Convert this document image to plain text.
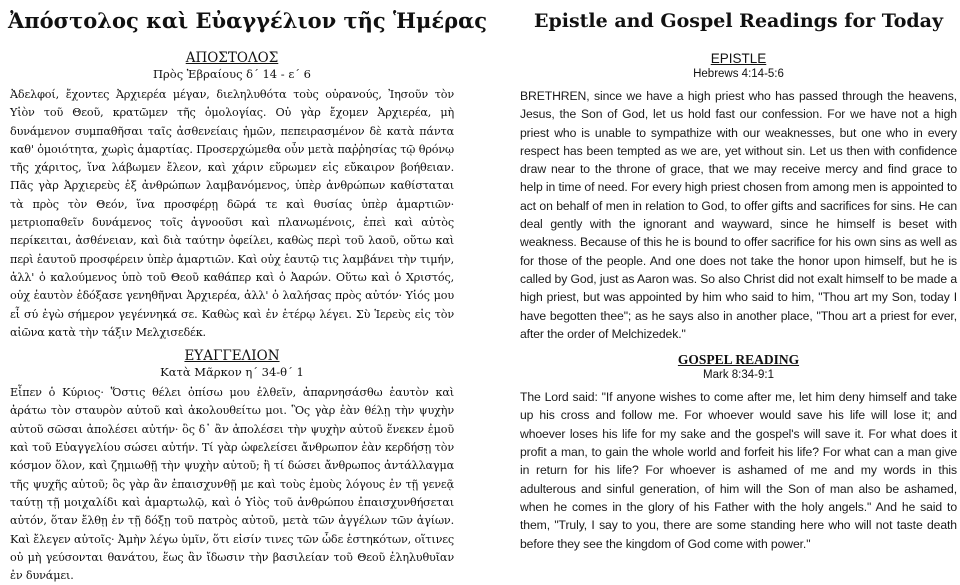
Ἀπόστολος καὶ Εὐαγγέλιον τῆς Ἡμέρας
ΑΠΟΣΤΟΛΟΣ
Πρὸς Ἑβραίους δ΄ 14 - ε΄ 6

Ἀδελφοί, ἔχοντες Ἀρχιερέα μέγαν, διεληλυθότα τοὺς οὐρανούς, Ἰησοῦν τὸν Υἱὸν τοῦ Θεοῦ, κρατῶμεν τῆς ὁμολογίας. Οὐ γὰρ ἔχομεν Ἀρχιερέα, μὴ δυνάμενον συμπαθῆσαι ταῖς ἀσθενείαις ἡμῶν, πεπειρασμένον δὲ κατὰ πάντα καθ' ὁμοιότητα, χωρὶς ἁμαρτίας. Προσερχώμεθα οὖν μετὰ παῤῥησίας τῷ θρόνῳ τῆς χάριτος, ἵνα λάβωμεν ἔλεον, καὶ χάριν εὕρωμεν εἰς εὔκαιρον βοήθειαν. Πᾶς γὰρ Ἀρχιερεὺς ἐξ ἀνθρώπων λαμβανόμενος, ὑπὲρ ἀνθρώπων καθίσταται τὰ πρὸς τὸν Θεόν, ἵνα προσφέρῃ δῶρά τε καὶ θυσίας ὑπὲρ ἁμαρτιῶν· μετριοπαθεῖν δυνάμενος τοῖς ἀγνοοῦσι καὶ πλανωμένοις, ἐπεὶ καὶ αὐτὸς περίκειται, ἀσθένειαν, καὶ διὰ ταύτην ὀφείλει, καθὼς περὶ τοῦ λαοῦ, οὕτω καὶ περὶ ἑαυτοῦ προσφέρειν ὑπὲρ ἁμαρτιῶν. Καὶ οὐχ ἑαυτῷ τις λαμβάνει τὴν τιμήν, ἀλλ' ὁ καλούμενος ὑπὸ τοῦ Θεοῦ καθάπερ καὶ ὁ Ἀαρών. Οὕτω καὶ ὁ Χριστός, οὐχ ἑαυτὸν ἐδόξασε γενηθῆναι Ἀρχιερέα, ἀλλ' ὁ λαλήσας πρὸς αὐτόν· Υἱός μου εἶ σύ ἐγὼ σήμερον γεγέννηκά σε. Καθὼς καὶ ἐν ἑτέρῳ λέγει. Σὺ Ἱερεὺς εἰς τὸν αἰῶνα κατὰ τὴν τάξιν Μελχισεδέκ.

ΕΥΑΓΓΕΛΙΟΝ
Κατὰ Μᾶρκον η΄ 34-θ΄ 1

Εἶπεν ὁ Κύριος· Ὅστις θέλει ὀπίσω μου ἐλθεῖν, ἀπαρνησάσθω ἑαυτὸν καὶ ἀράτω τὸν σταυρὸν αὐτοῦ καὶ ἀκολουθείτω μοι. Ὃς γὰρ ἐὰν θέλῃ τὴν ψυχὴν αὐτοῦ σῶσαι ἀπολέσει αὐτήν· ὃς δ᾿ ἂν ἀπολέσει τὴν ψυχὴν αὐτοῦ ἕνεκεν ἐμοῦ καὶ τοῦ Εὐαγγελίου σώσει αὐτήν. Τί γὰρ ὠφελείσει ἄνθρωπον ἐὰν κερδήσῃ τὸν κόσμον ὅλον, καὶ ζημιωθῇ τὴν ψυχὴν αὐτοῦ; ἢ τί δώσει ἄνθρωπος ἀντάλλαγμα τῆς ψυχῆς αὐτοῦ; ὃς γὰρ ἂν ἐπαισχυνθῇ με καὶ τοὺς ἐμοὺς λόγους ἐν τῇ γενεᾷ ταύτῃ τῇ μοιχαλίδι καὶ ἁμαρτωλῷ, καὶ ὁ Υἱὸς τοῦ ἀνθρώπου ἐπαισχυνθήσεται αὐτόν, ὅταν ἔλθῃ ἐν τῇ δόξῃ τοῦ πατρὸς αὐτοῦ, μετὰ τῶν ἀγγέλων τῶν ἁγίων. Καὶ ἔλεγεν αὐτοῖς· Ἀμὴν λέγω ὑμῖν, ὅτι εἰσίν τινες τῶν ὧδε ἑστηκότων, οἵτινες οὐ μὴ γεύσονται θανάτου, ἕως ἂν ἴδωσιν τὴν βασιλείαν τοῦ Θεοῦ ἐληλυθυῖαν ἐν δυνάμει.

Epistle and Gospel Readings for Today
EPISTLE
Hebrews 4:14-5:6

BRETHREN, since we have a high priest who has passed through the heavens, Jesus, the Son of God, let us hold fast our confession. For we have not a high priest who is unable to sympathize with our weaknesses, but one who in every respect has been tempted as we are, yet without sin. Let us then with confidence draw near to the throne of grace, that we may receive mercy and find grace to help in time of need. For every high priest chosen from among men is appointed to act on behalf of men in relation to God, to offer gifts and sacrifices for sins. He can deal gently with the ignorant and wayward, since he himself is beset with weakness. Because of this he is bound to offer sacrifice for his own sins as well as for those of the people. And one does not take the honor upon himself, but he is called by God, just as Aaron was. So also Christ did not exalt himself to be made a high priest, but was appointed by him who said to him, "Thou art my Son, today I have begotten thee"; as he says also in another place, "Thou art a priest for ever, after the order of Melchizedek."

GOSPEL READING
Mark 8:34-9:1

The Lord said: "If anyone wishes to come after me, let him deny himself and take up his cross and follow me. For whoever would save his life will lose it; and whoever loses his life for my sake and the gospel's will save it. For what does it profit a man, to gain the whole world and forfeit his life? For what can a man give in return for his life? For whoever is ashamed of me and my words in this adulterous and sinful generation, of him will the Son of man also be ashamed, when he comes in the glory of his Father with the holy angels." And he said to them, "Truly, I say to you, there are some standing here who will not taste death before they see the kingdom of God come with power."
